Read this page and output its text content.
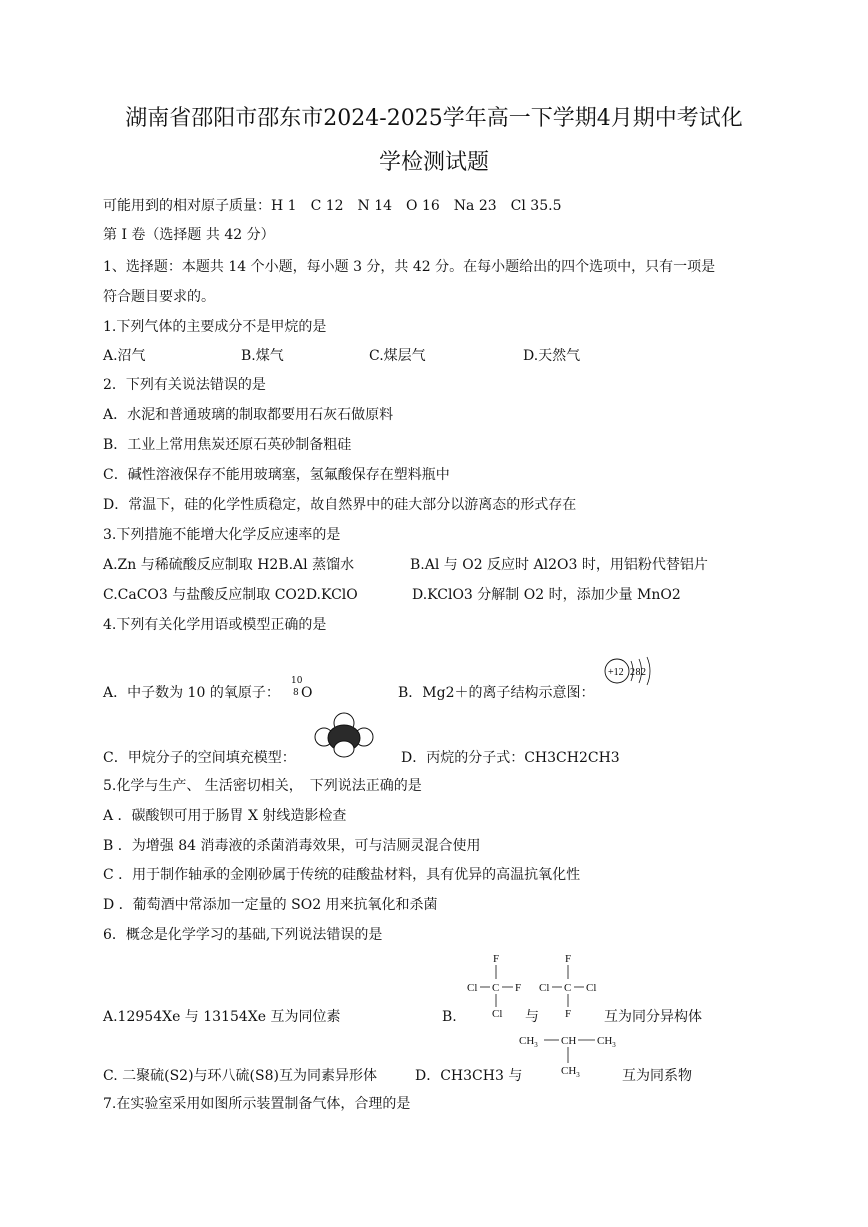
湖南省邵阳市邵东市2024-2025学年高一下学期4月期中考试化
学检测试题
可能用到的相对原子质量：H 1　C 12　N 14　O 16　Na 23　Cl 35.5
第 I 卷（选择题 共 42 分）
1、选择题：本题共 14 个小题，每小题 3 分，共 42 分。在每小题给出的四个选项中，只有一项是
符合题目要求的。
1.下列气体的主要成分不是甲烷的是
A.沼气	B.煤气	C.煤层气	D.天然气
2．下列有关说法错误的是
A．水泥和普通玻璃的制取都要用石灰石做原料
B．工业上常用焦炭还原石英砂制备粗硅
C．碱性溶液保存不能用玻璃塞，氢氟酸保存在塑料瓶中
D．常温下，硅的化学性质稳定，故自然界中的硅大部分以游离态的形式存在
3.下列措施不能增大化学反应速率的是
A.Zn 与稀硫酸反应制取 H2B.Al 蒸馏水	B.Al 与 O2 反应时 Al2O3 时，用铝粉代替铝片
C.CaCO3 与盐酸反应制取 CO2D.KClO	D.KClO3 分解制 O2 时，添加少量 MnO2
4.下列有关化学用语或模型正确的是
A．中子数为 10 的氧原子：
10
8 O	B．Mg2＋的离子结构示意图：
+12 282
C．甲烷分子的空间填充模型：	D．丙烷的分子式：CH3CH2CH3
5.化学与生产、 生活密切相关，　下列说法正确的是
A ．碳酸钡可用于肠胃 X 射线造影检查
B ．为增强 84 消毒液的杀菌消毒效果，可与洁厕灵混合使用
C ．用于制作轴承的金刚砂属于传统的硅酸盐材料，具有优异的高温抗氧化性
D ．葡萄酒中常添加一定量的 SO2 用来抗氧化和杀菌
6．概念是化学学习的基础,下列说法错误的是
F
Cl C F
Cl
F
Cl C Cl
F
A.12954Xe 与 13154Xe 互为同位素	B.	与	互为同分异构体
$CH_3$ CH $CH_3$
$CH_3$
C. 二聚硫(S2)与环八硫(S8)互为同素异形体	D．CH3CH3 与	互为同系物
7.在实验室采用如图所示装置制备气体，合理的是
